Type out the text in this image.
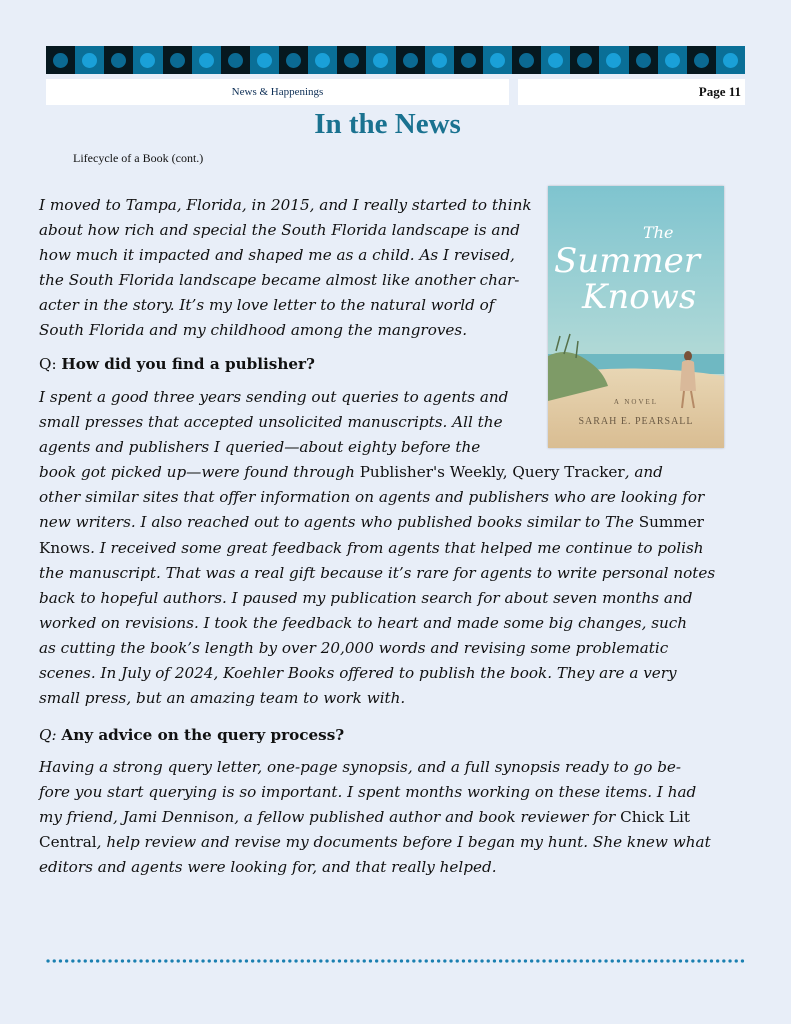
News & Happenings	Page 11
In the News
Lifecycle of a Book (cont.)
The
Summer
Knows
A NOVEL
SARAH E. PEARSALL
I moved to Tampa, Florida, in 2015, and I really started to think
about how rich and special the South Florida landscape is and
how much it impacted and shaped me as a child. As I revised,
the South Florida landscape became almost like another char-
acter in the story. It’s my love letter to the natural world of
South Florida and my childhood among the mangroves.
Q: How did you find a publisher?
I spent a good three years sending out queries to agents and
small presses that accepted unsolicited manuscripts. All the
agents and publishers I queried—about eighty before the
book got picked up—were found through Publisher's Weekly, Query Tracker, and
other similar sites that offer information on agents and publishers who are looking for
new writers. I also reached out to agents who published books similar to The Summer
Knows. I received some great feedback from agents that helped me continue to polish
the manuscript. That was a real gift because it’s rare for agents to write personal notes
back to hopeful authors. I paused my publication search for about seven months and
worked on revisions. I took the feedback to heart and made some big changes, such
as cutting the book’s length by over 20,000 words and revising some problematic
scenes. In July of 2024, Koehler Books offered to publish the book. They are a very
small press, but an amazing team to work with.
Q: Any advice on the query process?
Having a strong query letter, one-page synopsis, and a full synopsis ready to go be-
fore you start querying is so important. I spent months working on these items. I had
my friend, Jami Dennison, a fellow published author and book reviewer for Chick Lit
Central, help review and revise my documents before I began my hunt. She knew what
editors and agents were looking for, and that really helped.
